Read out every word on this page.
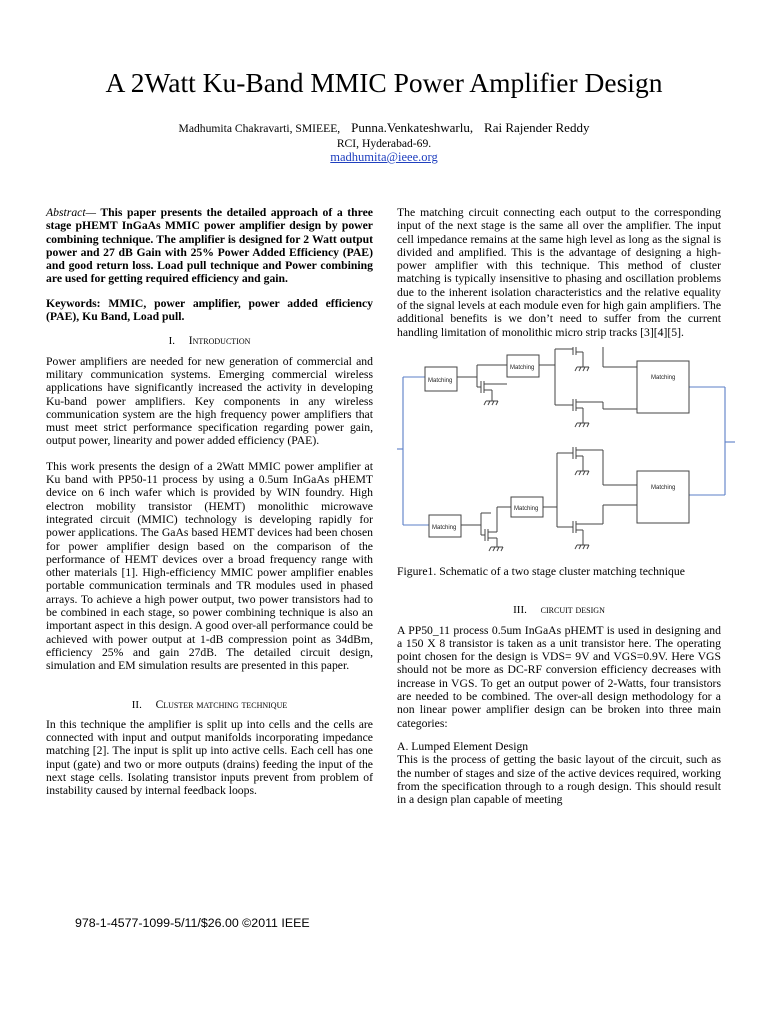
A 2Watt Ku-Band MMIC Power Amplifier Design
Madhumita Chakravarti, SMIEEE, Punna.Venkateshwarlu, Rai Rajender Reddy
RCI, Hyderabad-69.
madhumita@ieee.org

Abstract— This paper presents the detailed approach of a three stage pHEMT InGaAs MMIC power amplifier design by power combining technique. The amplifier is designed for 2 Watt output power and 27 dB Gain with 25% Power Added Efficiency (PAE) and good return loss. Load pull technique and Power combining are used for getting required efficiency and gain.

Keywords: MMIC, power amplifier, power added efficiency (PAE), Ku Band, Load pull.

I. Introduction

Power amplifiers are needed for new generation of commercial and military communication systems. Emerging commercial wireless applications have significantly increased the activity in developing Ku-band power amplifiers. Key components in any wireless communication system are the high frequency power amplifiers that must meet strict performance specification regarding power gain, output power, linearity and power added efficiency (PAE).

This work presents the design of a 2Watt MMIC power amplifier at Ku band with PP50-11 process by using a 0.5um InGaAs pHEMT device on 6 inch wafer which is provided by WIN foundry. High electron mobility transistor (HEMT) monolithic microwave integrated circuit (MMIC) technology is developing rapidly for power applications. The GaAs based HEMT devices had been chosen for power amplifier design based on the comparison of the performance of HEMT devices over a broad frequency range with other materials [1]. High-efficiency MMIC power amplifier enables portable communication terminals and TR modules used in phased arrays. To achieve a high power output, two power transistors had to be combined in each stage, so power combining technique is also an important aspect in this design. A good over-all performance could be achieved with power output at 1-dB compression point as 34dBm, efficiency 25% and gain 27dB. The detailed circuit design, simulation and EM simulation results are presented in this paper.

II. Cluster matching technique

In this technique the amplifier is split up into cells and the cells are connected with input and output manifolds incorporating impedance matching [2]. The input is split up into active cells. Each cell has one input (gate) and two or more outputs (drains) feeding the input of the next stage cells. Isolating transistor inputs prevent from problem of instability caused by internal feedback loops.

The matching circuit connecting each output to the corresponding input of the next stage is the same all over the amplifier. The input cell impedance remains at the same high level as long as the signal is divided and amplified. This is the advantage of designing a high-power amplifier with this technique. This method of cluster matching is typically insensitive to phasing and oscillation problems due to the inherent isolation characteristics and the relative equality of the signal levels at each module even for high gain amplifiers. The additional benefits is we don’t need to suffer from the current handling limitation of monolithic micro strip tracks [3][4][5].

Matching
Matching
Matching
Matching
Matching
Matching

Figure1. Schematic of a two stage cluster matching technique

III. circuit design

A PP50_11 process 0.5um InGaAs pHEMT is used in designing and a 150 X 8 transistor is taken as a unit transistor here. The operating point chosen for the design is VDS= 9V and VGS=0.9V. Here VGS should not be more as DC-RF conversion efficiency decreases with increase in VGS. To get an output power of 2-Watts, four transistors are needed to be combined. The over-all design methodology for a non linear power amplifier design can be broken into three main categories:

A. Lumped Element Design

This is the process of getting the basic layout of the circuit, such as the number of stages and size of the active devices required, working from the specification through to a rough design. This should result in a design plan capable of meeting

978-1-4577-1099-5/11/$26.00 ©2011 IEEE
